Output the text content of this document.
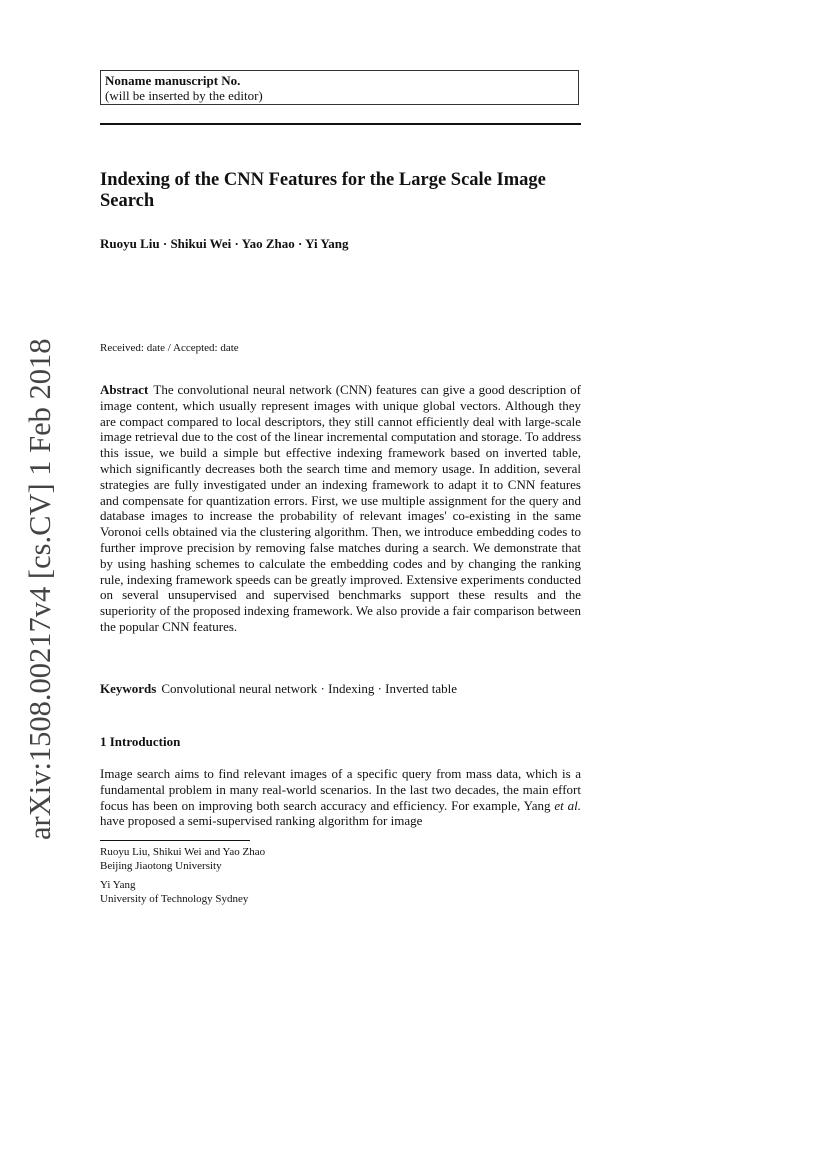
arXiv:1508.00217v4 [cs.CV] 1 Feb 2018
Noname manuscript No.
(will be inserted by the editor)
Indexing of the CNN Features for the Large Scale Image Search
Ruoyu Liu · Shikui Wei · Yao Zhao · Yi Yang
Received: date / Accepted: date

Abstract The convolutional neural network (CNN) features can give a good description of image content, which usually represent images with unique global vectors. Although they are compact compared to local descriptors, they still cannot efficiently deal with large-scale image retrieval due to the cost of the linear incremental computation and storage. To address this issue, we build a simple but effective indexing framework based on inverted table, which significantly decreases both the search time and memory usage. In addition, several strategies are fully investigated under an indexing framework to adapt it to CNN features and compensate for quantization errors. First, we use multiple assignment for the query and database images to increase the probability of relevant images' co-existing in the same Voronoi cells obtained via the clustering algorithm. Then, we introduce embedding codes to further improve precision by removing false matches during a search. We demonstrate that by using hashing schemes to calculate the embedding codes and by changing the ranking rule, indexing framework speeds can be greatly improved. Extensive experiments conducted on several unsupervised and supervised benchmarks support these results and the superiority of the proposed indexing framework. We also provide a fair comparison between the popular CNN features.

Keywords Convolutional neural network · Indexing · Inverted table

1 Introduction

Image search aims to find relevant images of a specific query from mass data, which is a fundamental problem in many real-world scenarios. In the last two decades, the main effort focus has been on improving both search accuracy and efficiency. For example, Yang et al. have proposed a semi-supervised ranking algorithm for image

Ruoyu Liu, Shikui Wei and Yao Zhao
Beijing Jiaotong University
Yi Yang
University of Technology Sydney
